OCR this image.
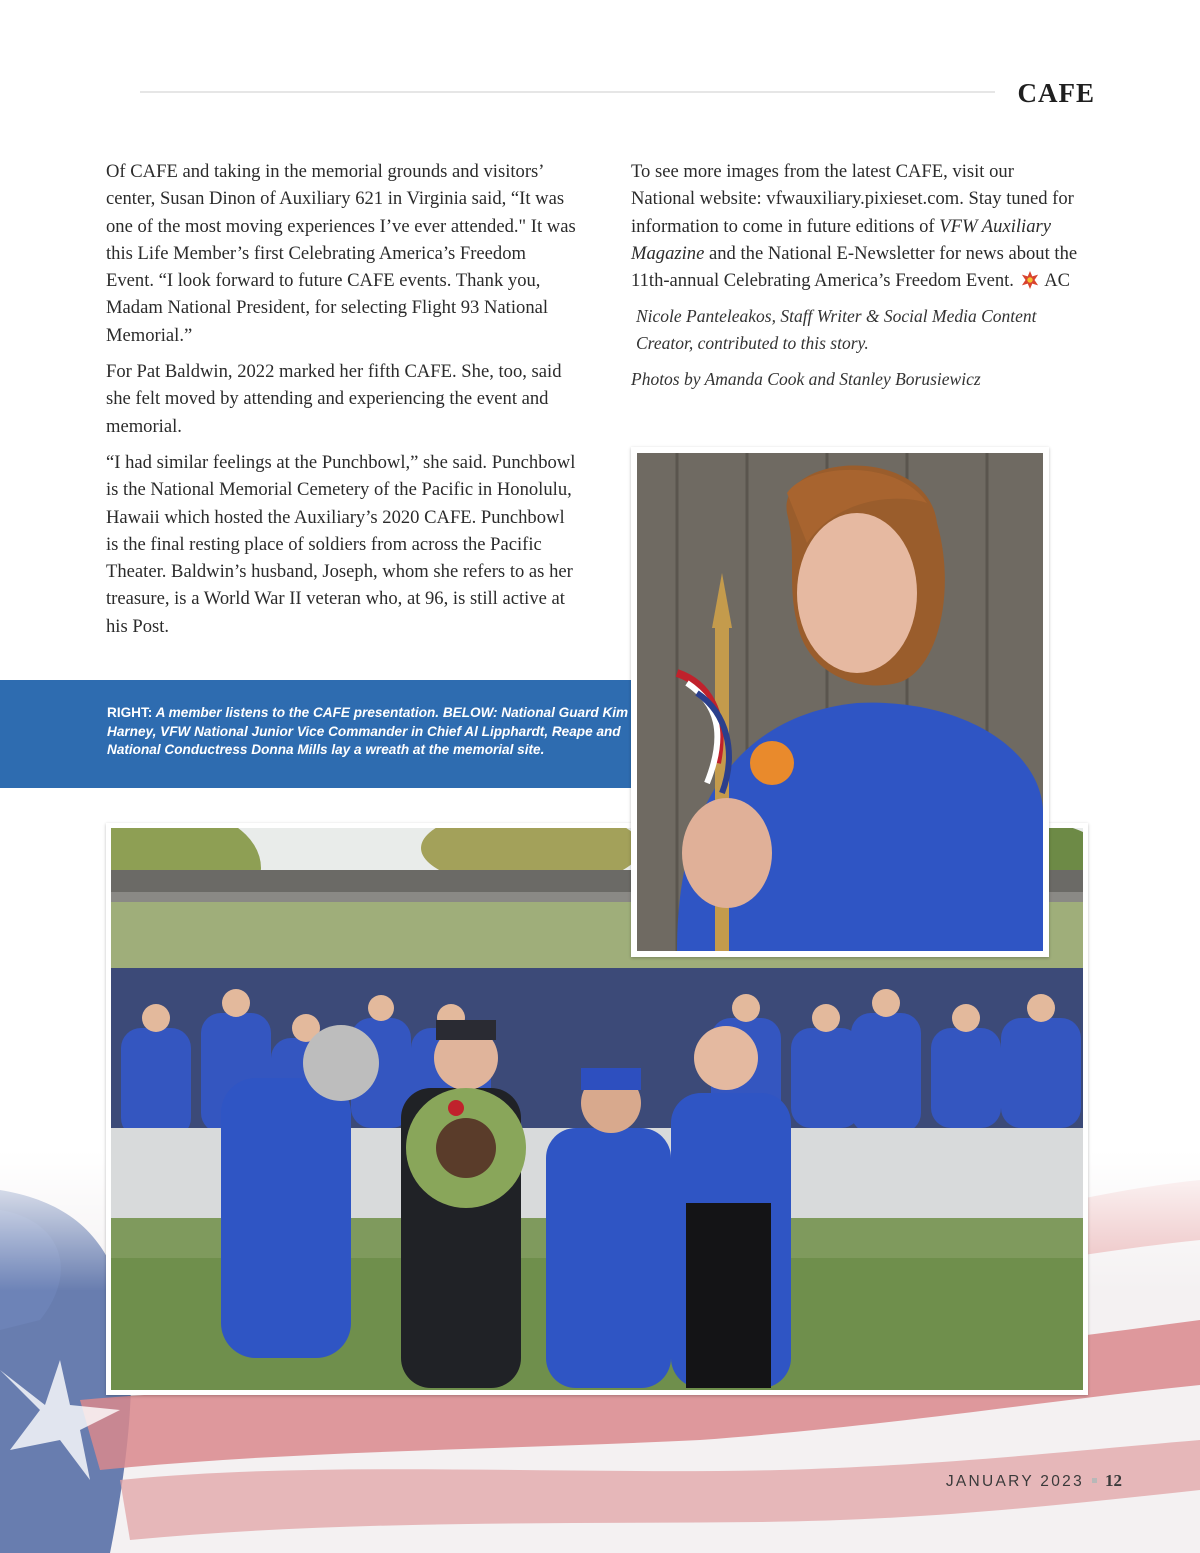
CAFE

Of CAFE and taking in the memorial grounds and visitors’ center, Susan Dinon of Auxiliary 621 in Virginia said, “It was one of the most moving experiences I’ve ever attended." It was this Life Member’s first Celebrating America’s Freedom Event. “I look forward to future CAFE events. Thank you, Madam National President, for selecting Flight 93 National Memorial.”

For Pat Baldwin, 2022 marked her fifth CAFE. She, too, said she felt moved by attending and experiencing the event and memorial.

“I had similar feelings at the Punchbowl,” she said. Punchbowl is the National Memorial Cemetery of the Pacific in Honolulu, Hawaii which hosted the Auxiliary’s 2020 CAFE. Punchbowl is the final resting place of soldiers from across the Pacific Theater. Baldwin’s husband, Joseph, whom she refers to as her treasure, is a World War II veteran who, at 96, is still active at his Post.

To see more images from the latest CAFE, visit our National website: vfwauxiliary.pixieset.com. Stay tuned for information to come in future editions of VFW Auxiliary Magazine and the National E-Newsletter for news about the 11th-annual Celebrating America’s Freedom Event. AC

Nicole Panteleakos, Staff Writer & Social Media Content Creator, contributed to this story.

Photos by Amanda Cook and Stanley Borusiewicz

RIGHT: A member listens to the CAFE presentation. BELOW: National Guard Kim Harney, VFW National Junior Vice Commander in Chief Al Lipphardt, Reape and National Conductress Donna Mills lay a wreath at the memorial site.
JANUARY 2023 12
